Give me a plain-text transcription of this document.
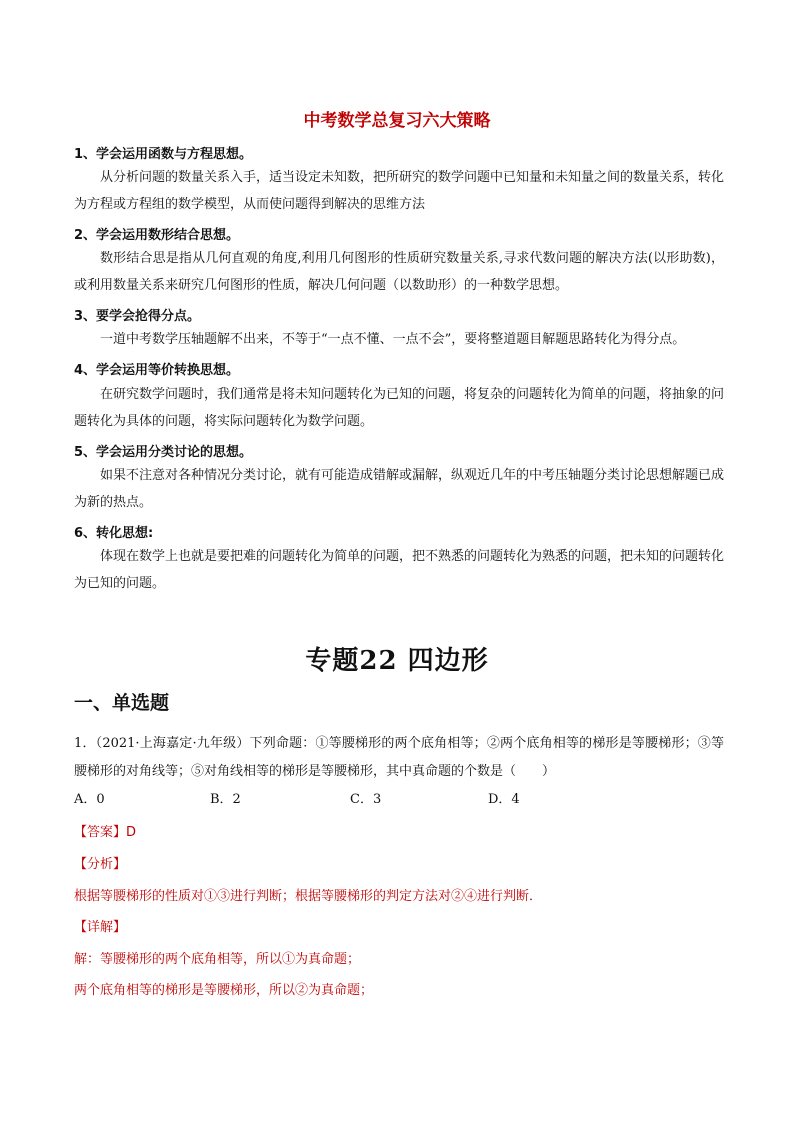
中考数学总复习六大策略
1、学会运用函数与方程思想。
从分析问题的数量关系入手，适当设定未知数，把所研究的数学问题中已知量和未知量之间的数量关系，转化为方程或方程组的数学模型，从而使问题得到解决的思维方法
2、学会运用数形结合思想。
数形结合思是指从几何直观的角度,利用几何图形的性质研究数量关系,寻求代数问题的解决方法(以形助数)，或利用数量关系来研究几何图形的性质，解决几何问题（以数助形）的一种数学思想。
3、要学会抢得分点。
一道中考数学压轴题解不出来，不等于“一点不懂、一点不会”，要将整道题目解题思路转化为得分点。
4、学会运用等价转换思想。
在研究数学问题时，我们通常是将未知问题转化为已知的问题，将复杂的问题转化为简单的问题，将抽象的问题转化为具体的问题，将实际问题转化为数学问题。
5、学会运用分类讨论的思想。
如果不注意对各种情况分类讨论，就有可能造成错解或漏解，纵观近几年的中考压轴题分类讨论思想解题已成为新的热点。
6、转化思想:
体现在数学上也就是要把难的问题转化为简单的问题，把不熟悉的问题转化为熟悉的问题，把未知的问题转化为已知的问题。
专题22 四边形
一、单选题
1．（2021·上海嘉定·九年级）下列命题：①等腰梯形的两个底角相等；②两个底角相等的梯形是等腰梯形；③等腰梯形的对角线等；⑤对角线相等的梯形是等腰梯形，其中真命题的个数是（　　）
A．0	B．2	C．3	D．4
【答案】D
【分析】
根据等腰梯形的性质对①③进行判断；根据等腰梯形的判定方法对②④进行判断．
【详解】
解：等腰梯形的两个底角相等，所以①为真命题；
两个底角相等的梯形是等腰梯形，所以②为真命题；
